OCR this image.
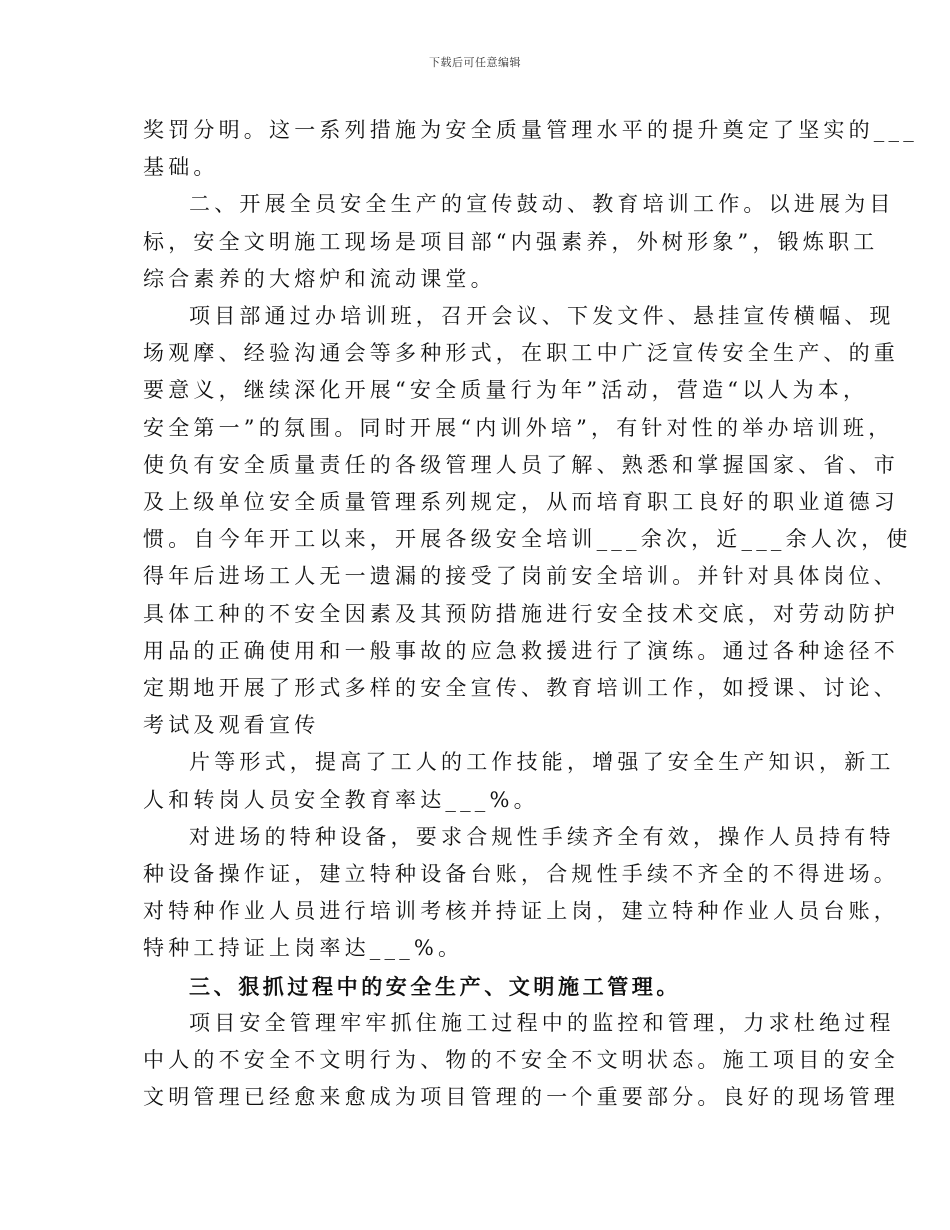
下载后可任意编辑

奖罚分明。这一系列措施为安全质量管理水平的提升奠定了坚实的___

基础。

二、开展全员安全生产的宣传鼓动、教育培训工作。以进展为目

标，安全文明施工现场是项目部“内强素养，外树形象”，锻炼职工

综合素养的大熔炉和流动课堂。

项目部通过办培训班，召开会议、下发文件、悬挂宣传横幅、现

场观摩、经验沟通会等多种形式，在职工中广泛宣传安全生产、的重

要意义，继续深化开展“安全质量行为年”活动，营造“以人为本，

安全第一”的氛围。同时开展“内训外培”，有针对性的举办培训班，

使负有安全质量责任的各级管理人员了解、熟悉和掌握国家、省、市

及上级单位安全质量管理系列规定，从而培育职工良好的职业道德习

惯。自今年开工以来，开展各级安全培训___余次，近___余人次，使

得年后进场工人无一遗漏的接受了岗前安全培训。并针对具体岗位、

具体工种的不安全因素及其预防措施进行安全技术交底，对劳动防护

用品的正确使用和一般事故的应急救援进行了演练。通过各种途径不

定期地开展了形式多样的安全宣传、教育培训工作，如授课、讨论、

考试及观看宣传

片等形式，提高了工人的工作技能，增强了安全生产知识，新工

人和转岗人员安全教育率达___%。

对进场的特种设备，要求合规性手续齐全有效，操作人员持有特

种设备操作证，建立特种设备台账，合规性手续不齐全的不得进场。

对特种作业人员进行培训考核并持证上岗，建立特种作业人员台账，

特种工持证上岗率达___%。

三、狠抓过程中的安全生产、文明施工管理。

项目安全管理牢牢抓住施工过程中的监控和管理，力求杜绝过程

中人的不安全不文明行为、物的不安全不文明状态。施工项目的安全

文明管理已经愈来愈成为项目管理的一个重要部分。良好的现场管理
